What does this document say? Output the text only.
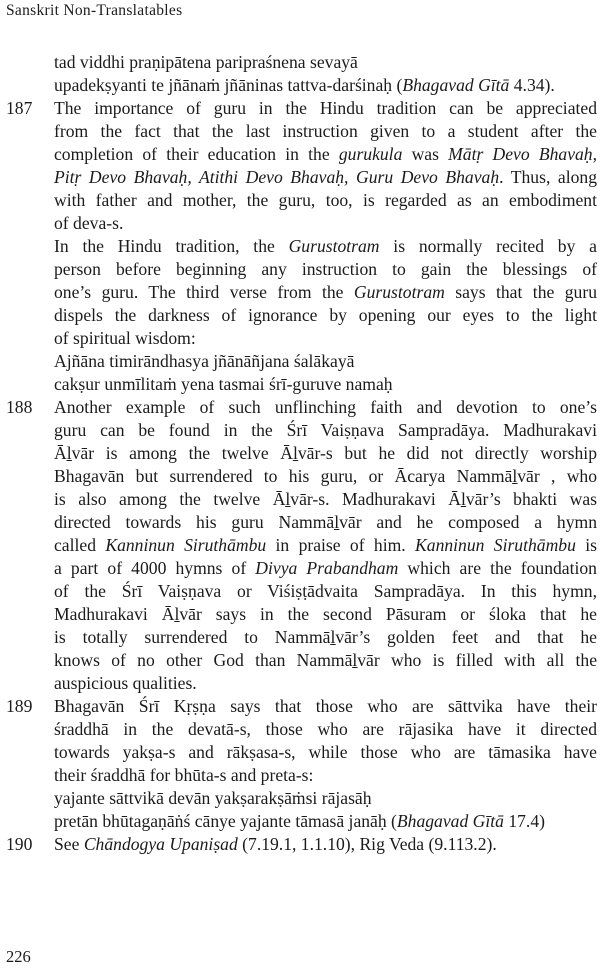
Sanskrit Non-Translatables
tad viddhi praṇipātena paripraśnena sevayā
upadekṣyanti te jñānaṁ jñāninas tattva-darśinaḥ (Bhagavad Gītā 4.34).
187 The importance of guru in the Hindu tradition can be appreciated
from the fact that the last instruction given to a student after the
completion of their education in the gurukula was Mātṛ Devo Bhavaḥ,
Pitṛ Devo Bhavaḥ, Atithi Devo Bhavaḥ, Guru Devo Bhavaḥ. Thus, along
with father and mother, the guru, too, is regarded as an embodiment
of deva-s.
In the Hindu tradition, the Gurustotram is normally recited by a
person before beginning any instruction to gain the blessings of
one’s guru. The third verse from the Gurustotram says that the guru
dispels the darkness of ignorance by opening our eyes to the light
of spiritual wisdom:
Ajñāna timirāndhasya jñānāñjana śalākayā
cakṣur unmīlitaṁ yena tasmai śrī-guruve namaḥ
188 Another example of such unflinching faith and devotion to one’s
guru can be found in the Śrī Vaiṣṇava Sampradāya. Madhurakavi
Āḻvār is among the twelve Āḻvār-s but he did not directly worship
Bhagavān but surrendered to his guru, or Ācarya Nammāḻvār , who
is also among the twelve Āḻvār-s. Madhurakavi Āḻvār’s bhakti was
directed towards his guru Nammāḻvār and he composed a hymn
called Kanninun Siruthāmbu in praise of him. Kanninun Siruthāmbu is
a part of 4000 hymns of Divya Prabandham which are the foundation
of the Śrī Vaiṣṇava or Viśiṣṭādvaita Sampradāya. In this hymn,
Madhurakavi Āḻvār says in the second Pāsuram or śloka that he
is totally surrendered to Nammāḻvār’s golden feet and that he
knows of no other God than Nammāḻvār who is filled with all the
auspicious qualities.
189 Bhagavān Śrī Kṛṣṇa says that those who are sāttvika have their
śraddhā in the devatā-s, those who are rājasika have it directed
towards yakṣa-s and rākṣasa-s, while those who are tāmasika have
their śraddhā for bhūta-s and preta-s:
yajante sāttvikā devān yakṣarakṣāṁsi rājasāḥ
pretān bhūtagaṇāṅś cānye yajante tāmasā janāḥ (Bhagavad Gītā 17.4)
190 See Chāndogya Upaniṣad (7.19.1, 1.1.10), Rig Veda (9.113.2).
226
